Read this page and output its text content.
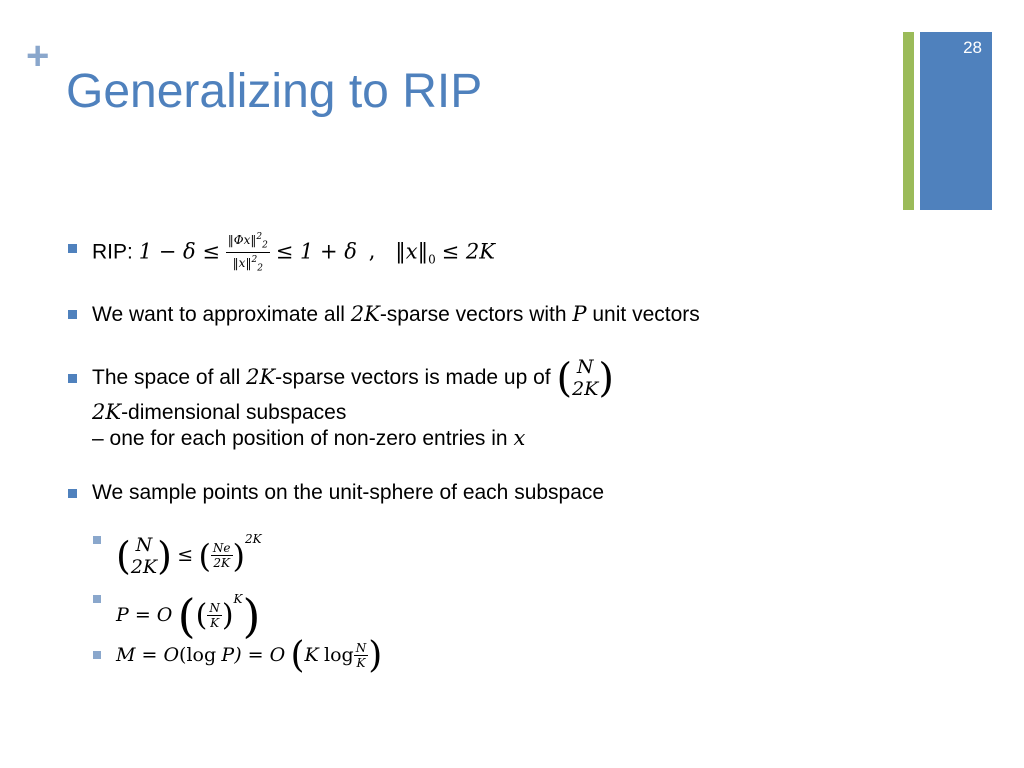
+
Generalizing to RIP
28
RIP: $1 - \delta \le \frac{‖\Phi x‖^2_2}{‖x‖^2_2} \le 1 + \delta$ , $‖x‖_0 \le 2K$
We want to approximate all 2K-sparse vectors with P unit vectors
The space of all 2K-sparse vectors is made up of ( N
2K )
2K-dimensional subspaces
– one for each position of non-zero entries in x
We sample points on the unit-sphere of each subspace
( N
2K ) ≤ ( $\frac{Ne}{2K} )^{2K}$
P = O (( $\frac{N}{K} )^K$)
M = O(log P) = O (K $\log \frac{N}{K}$ )
